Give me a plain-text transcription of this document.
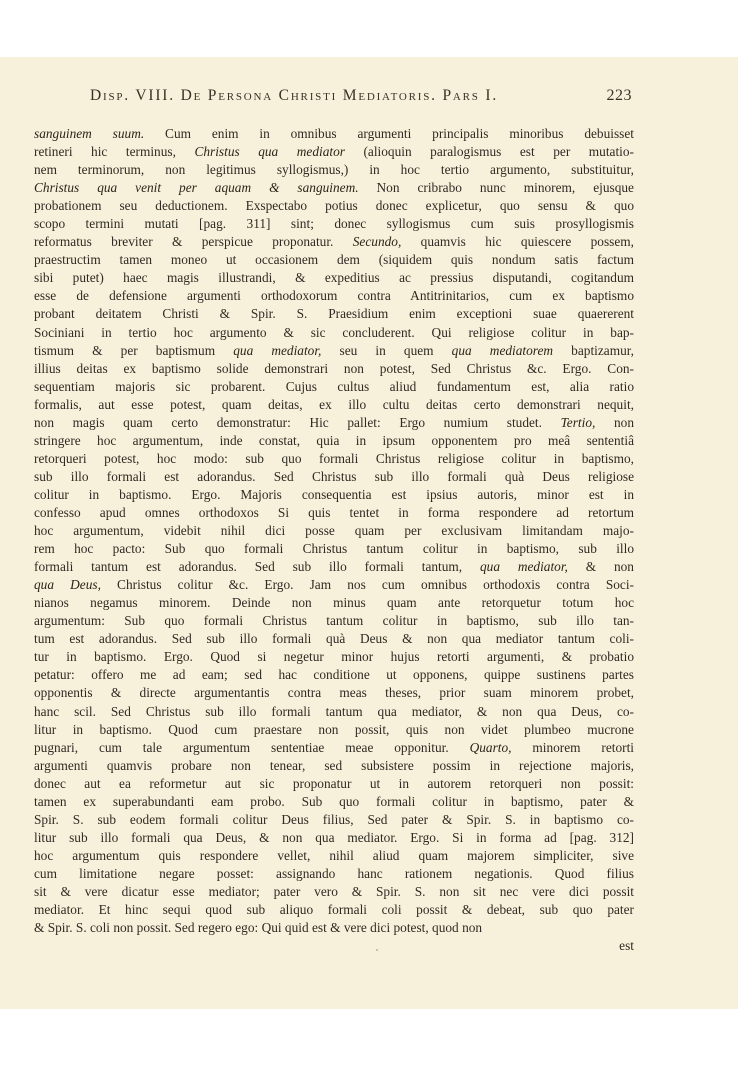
Disp. VIII. De Persona Christi Mediatoris. Pars I.	223
sanguinem suum. Cum enim in omnibus argumenti principalis minoribus debuisset
retineri hic terminus, Christus qua mediator (alioquin paralogismus est per mutatio-
nem terminorum, non legitimus syllogismus,) in hoc tertio argumento, substituitur,
Christus qua venit per aquam & sanguinem. Non cribrabo nunc minorem, ejusque
probationem seu deductionem. Exspectabo potius donec explicetur, quo sensu & quo
scopo termini mutati [pag. 311] sint; donec syllogismus cum suis prosyllogismis
reformatus breviter & perspicue proponatur. Secundo, quamvis hic quiescere possem,
praestructim tamen moneo ut occasionem dem (siquidem quis nondum satis factum
sibi putet) haec magis illustrandi, & expeditius ac pressius disputandi, cogitandum
esse de defensione argumenti orthodoxorum contra Antitrinitarios, cum ex baptismo
probant deitatem Christi & Spir. S. Praesidium enim exceptioni suae quaererent
Sociniani in tertio hoc argumento & sic concluderent. Qui religiose colitur in bap-
tismum & per baptismum qua mediator, seu in quem qua mediatorem baptizamur,
illius deitas ex baptismo solide demonstrari non potest, Sed Christus &c. Ergo. Con-
sequentiam majoris sic probarent. Cujus cultus aliud fundamentum est, alia ratio
formalis, aut esse potest, quam deitas, ex illo cultu deitas certo demonstrari nequit,
non magis quam certo demonstratur: Hic pallet: Ergo numium studet. Tertio, non
stringere hoc argumentum, inde constat, quia in ipsum opponentem pro meâ sententiâ
retorqueri potest, hoc modo: sub quo formali Christus religiose colitur in baptismo,
sub illo formali est adorandus. Sed Christus sub illo formali quà Deus religiose
colitur in baptismo. Ergo. Majoris consequentia est ipsius autoris, minor est in
confesso apud omnes orthodoxos Si quis tentet in forma respondere ad retortum
hoc argumentum, videbit nihil dici posse quam per exclusivam limitandam majo-
rem hoc pacto: Sub quo formali Christus tantum colitur in baptismo, sub illo
formali tantum est adorandus. Sed sub illo formali tantum, qua mediator, & non
qua Deus, Christus colitur &c. Ergo. Jam nos cum omnibus orthodoxis contra Soci-
nianos negamus minorem. Deinde non minus quam ante retorquetur totum hoc
argumentum: Sub quo formali Christus tantum colitur in baptismo, sub illo tan-
tum est adorandus. Sed sub illo formali quà Deus & non qua mediator tantum coli-
tur in baptismo. Ergo. Quod si negetur minor hujus retorti argumenti, & probatio
petatur: offero me ad eam; sed hac conditione ut opponens, quippe sustinens partes
opponentis & directe argumentantis contra meas theses, prior suam minorem probet,
hanc scil. Sed Christus sub illo formali tantum qua mediator, & non qua Deus, co-
litur in baptismo. Quod cum praestare non possit, quis non videt plumbeo mucrone
pugnari, cum tale argumentum sententiae meae opponitur. Quarto, minorem retorti
argumenti quamvis probare non tenear, sed subsistere possim in rejectione majoris,
donec aut ea reformetur aut sic proponatur ut in autorem retorqueri non possit:
tamen ex superabundanti eam probo. Sub quo formali colitur in baptismo, pater &
Spir. S. sub eodem formali colitur Deus filius, Sed pater & Spir. S. in baptismo co-
litur sub illo formali qua Deus, & non qua mediator. Ergo. Si in forma ad [pag. 312]
hoc argumentum quis respondere vellet, nihil aliud quam majorem simpliciter, sive
cum limitatione negare posset: assignando hanc rationem negationis. Quod filius
sit & vere dicatur esse mediator; pater vero & Spir. S. non sit nec vere dici possit
mediator. Et hinc sequi quod sub aliquo formali coli possit & debeat, sub quo pater
& Spir. S. coli non possit. Sed regero ego: Qui quid est & vere dici potest, quod non
est
